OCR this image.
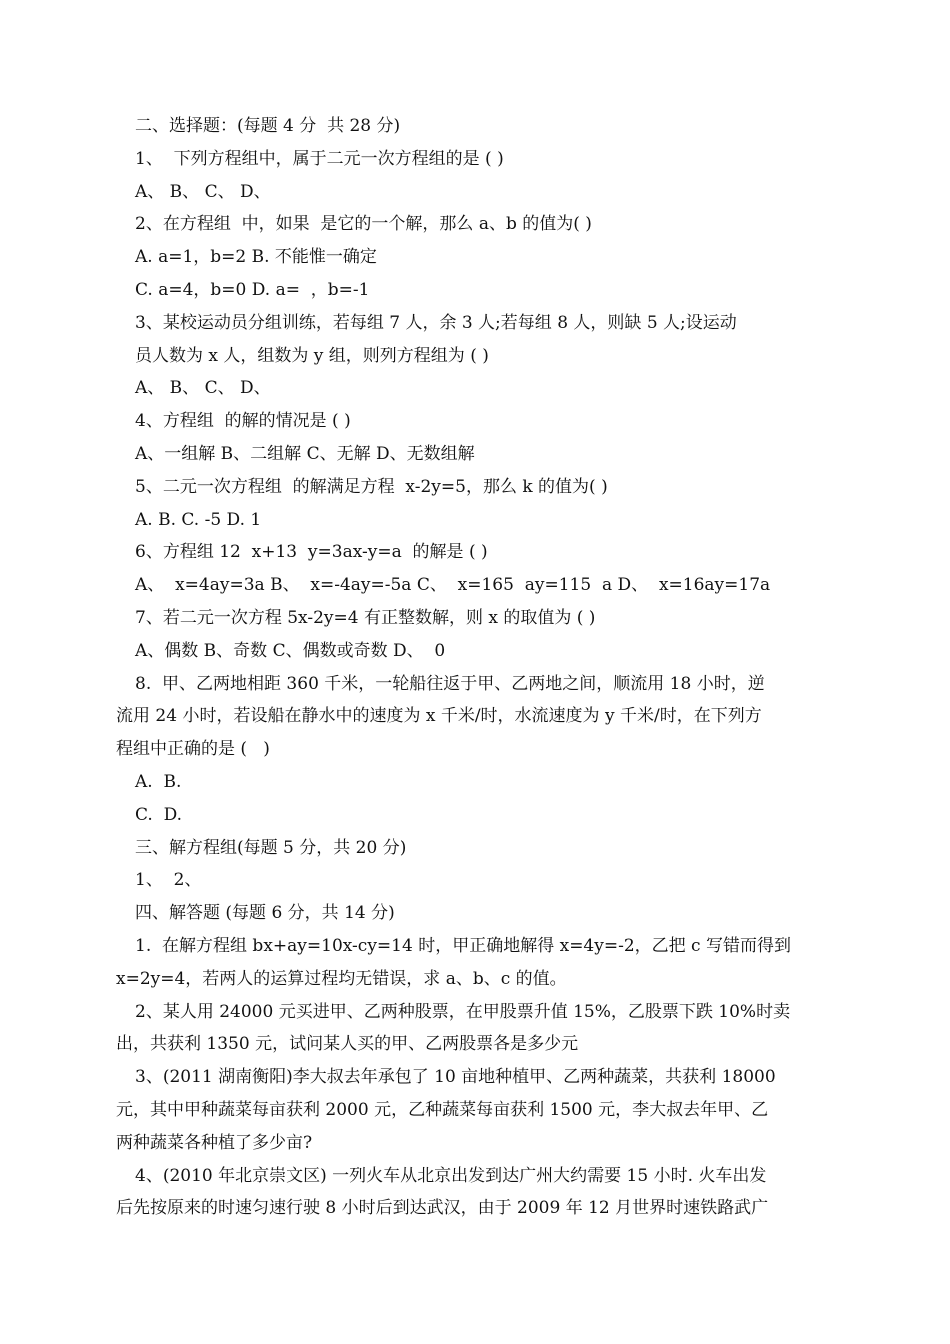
二、选择题：(每题 4 分  共 28 分)
1、  下列方程组中，属于二元一次方程组的是 ( )
A、 B、 C、 D、
2、在方程组  中，如果  是它的一个解，那么 a、b 的值为( )
A. a=1，b=2 B. 不能惟一确定
C. a=4，b=0 D. a=  ，b=-1
3、某校运动员分组训练，若每组 7 人，余 3 人;若每组 8 人，则缺 5 人;设运动
员人数为 x 人，组数为 y 组，则列方程组为 ( )
A、 B、 C、 D、
4、方程组  的解的情况是 ( )
A、一组解 B、二组解 C、无解 D、无数组解
5、二元一次方程组  的解满足方程  x-2y=5，那么 k 的值为( )
A. B. C. -5 D. 1
6、方程组 12  x+13  y=3ax-y=a  的解是 ( )
A、  x=4ay=3a B、  x=-4ay=-5a C、  x=165  ay=115  a D、  x=16ay=17a
7、若二元一次方程 5x-2y=4 有正整数解，则 x 的取值为 ( )
A、偶数 B、奇数 C、偶数或奇数 D、  0
8.  甲、乙两地相距 360 千米，一轮船往返于甲、乙两地之间，顺流用 18 小时，逆
流用 24 小时，若设船在静水中的速度为 x 千米/时，水流速度为 y 千米/时，在下列方
程组中正确的是 (   )
A.  B.
C.  D.
三、解方程组(每题 5 分，共 20 分)
1、  2、
四、解答题 (每题 6 分，共 14 分)
1.  在解方程组 bx+ay=10x-cy=14 时，甲正确地解得 x=4y=-2，乙把 c 写错而得到
x=2y=4，若两人的运算过程均无错误，求 a、b、c 的值。
2、某人用 24000 元买进甲、乙两种股票，在甲股票升值 15%，乙股票下跌 10%时卖
出，共获利 1350 元，试问某人买的甲、乙两股票各是多少元
3、(2011 湖南衡阳)李大叔去年承包了 10 亩地种植甲、乙两种蔬菜，共获利 18000
元，其中甲种蔬菜每亩获利 2000 元，乙种蔬菜每亩获利 1500 元，李大叔去年甲、乙
两种蔬菜各种植了多少亩?
4、(2010 年北京崇文区) 一列火车从北京出发到达广州大约需要 15 小时. 火车出发
后先按原来的时速匀速行驶 8 小时后到达武汉，由于 2009 年 12 月世界时速铁路武广
